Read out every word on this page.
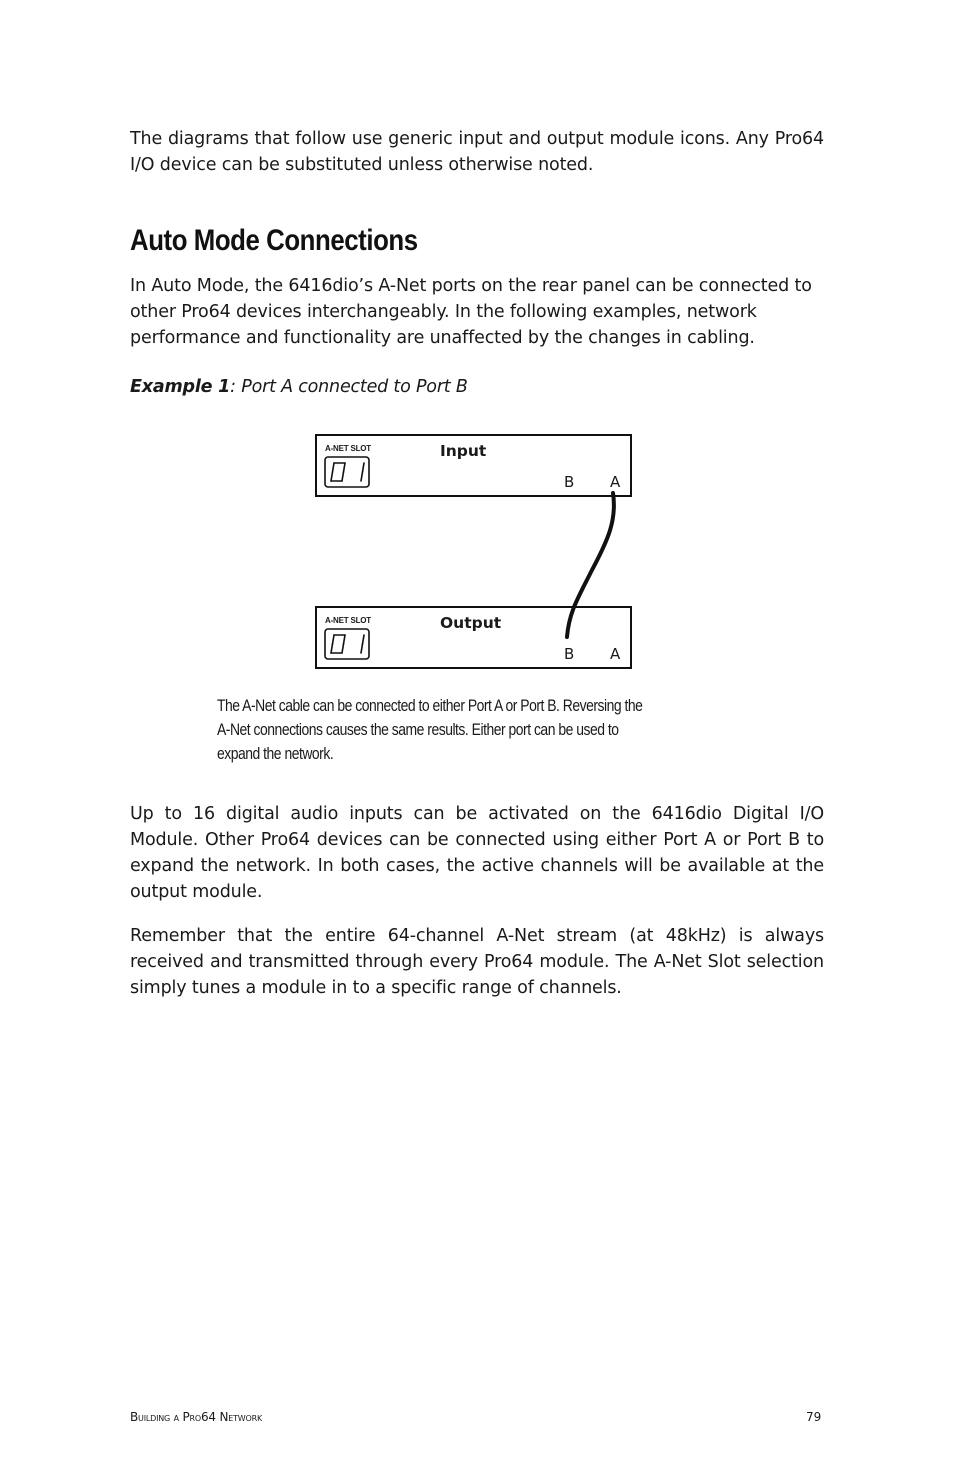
The diagrams that follow use generic input and output module icons. Any Pro64 I/O device can be substituted unless otherwise noted.

Auto Mode Connections

In Auto Mode, the 6416dio’s A-Net ports on the rear panel can be connected to other Pro64 devices interchangeably. In the following examples, network performance and functionality are unaffected by the changes in cabling.

Example 1: Port A connected to Port B
A-NET SLOT	Input
B A
A-NET SLOT	Output
B A
The A-Net cable can be connected to either Port A or Port B. Reversing the
A-Net connections causes the same results. Either port can be used to
expand the network.

Up to 16 digital audio inputs can be activated on the 6416dio Digital I/O Module. Other Pro64 devices can be connected using either Port A or Port B to expand the network. In both cases, the active channels will be available at the output module.

Remember that the entire 64-channel A-Net stream (at 48kHz) is always received and transmitted through every Pro64 module. The A-Net Slot selection simply tunes a module in to a specific range of channels.

Building a Pro64 Network	79
